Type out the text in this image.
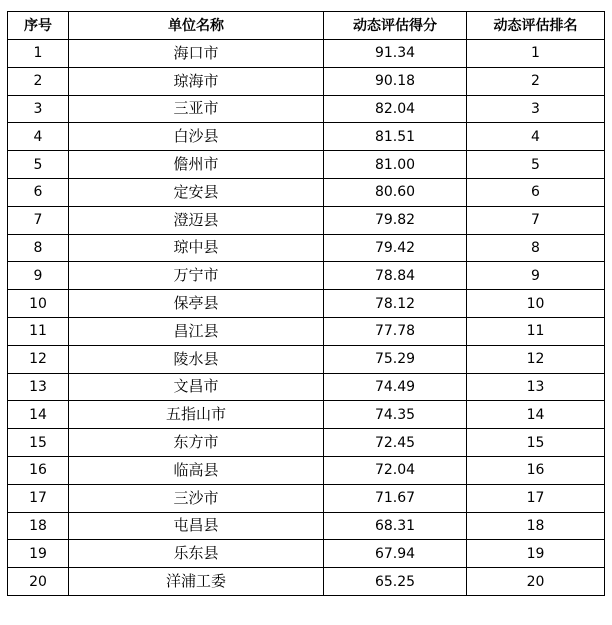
序号	单位名称	动态评估得分	动态评估排名
1	海口市	91.34	1
2	琼海市	90.18	2
3	三亚市	82.04	3
4	白沙县	81.51	4
5	儋州市	81.00	5
6	定安县	80.60	6
7	澄迈县	79.82	7
8	琼中县	79.42	8
9	万宁市	78.84	9
10	保亭县	78.12	10
11	昌江县	77.78	11
12	陵水县	75.29	12
13	文昌市	74.49	13
14	五指山市	74.35	14
15	东方市	72.45	15
16	临高县	72.04	16
17	三沙市	71.67	17
18	屯昌县	68.31	18
19	乐东县	67.94	19
20	洋浦工委	65.25	20
